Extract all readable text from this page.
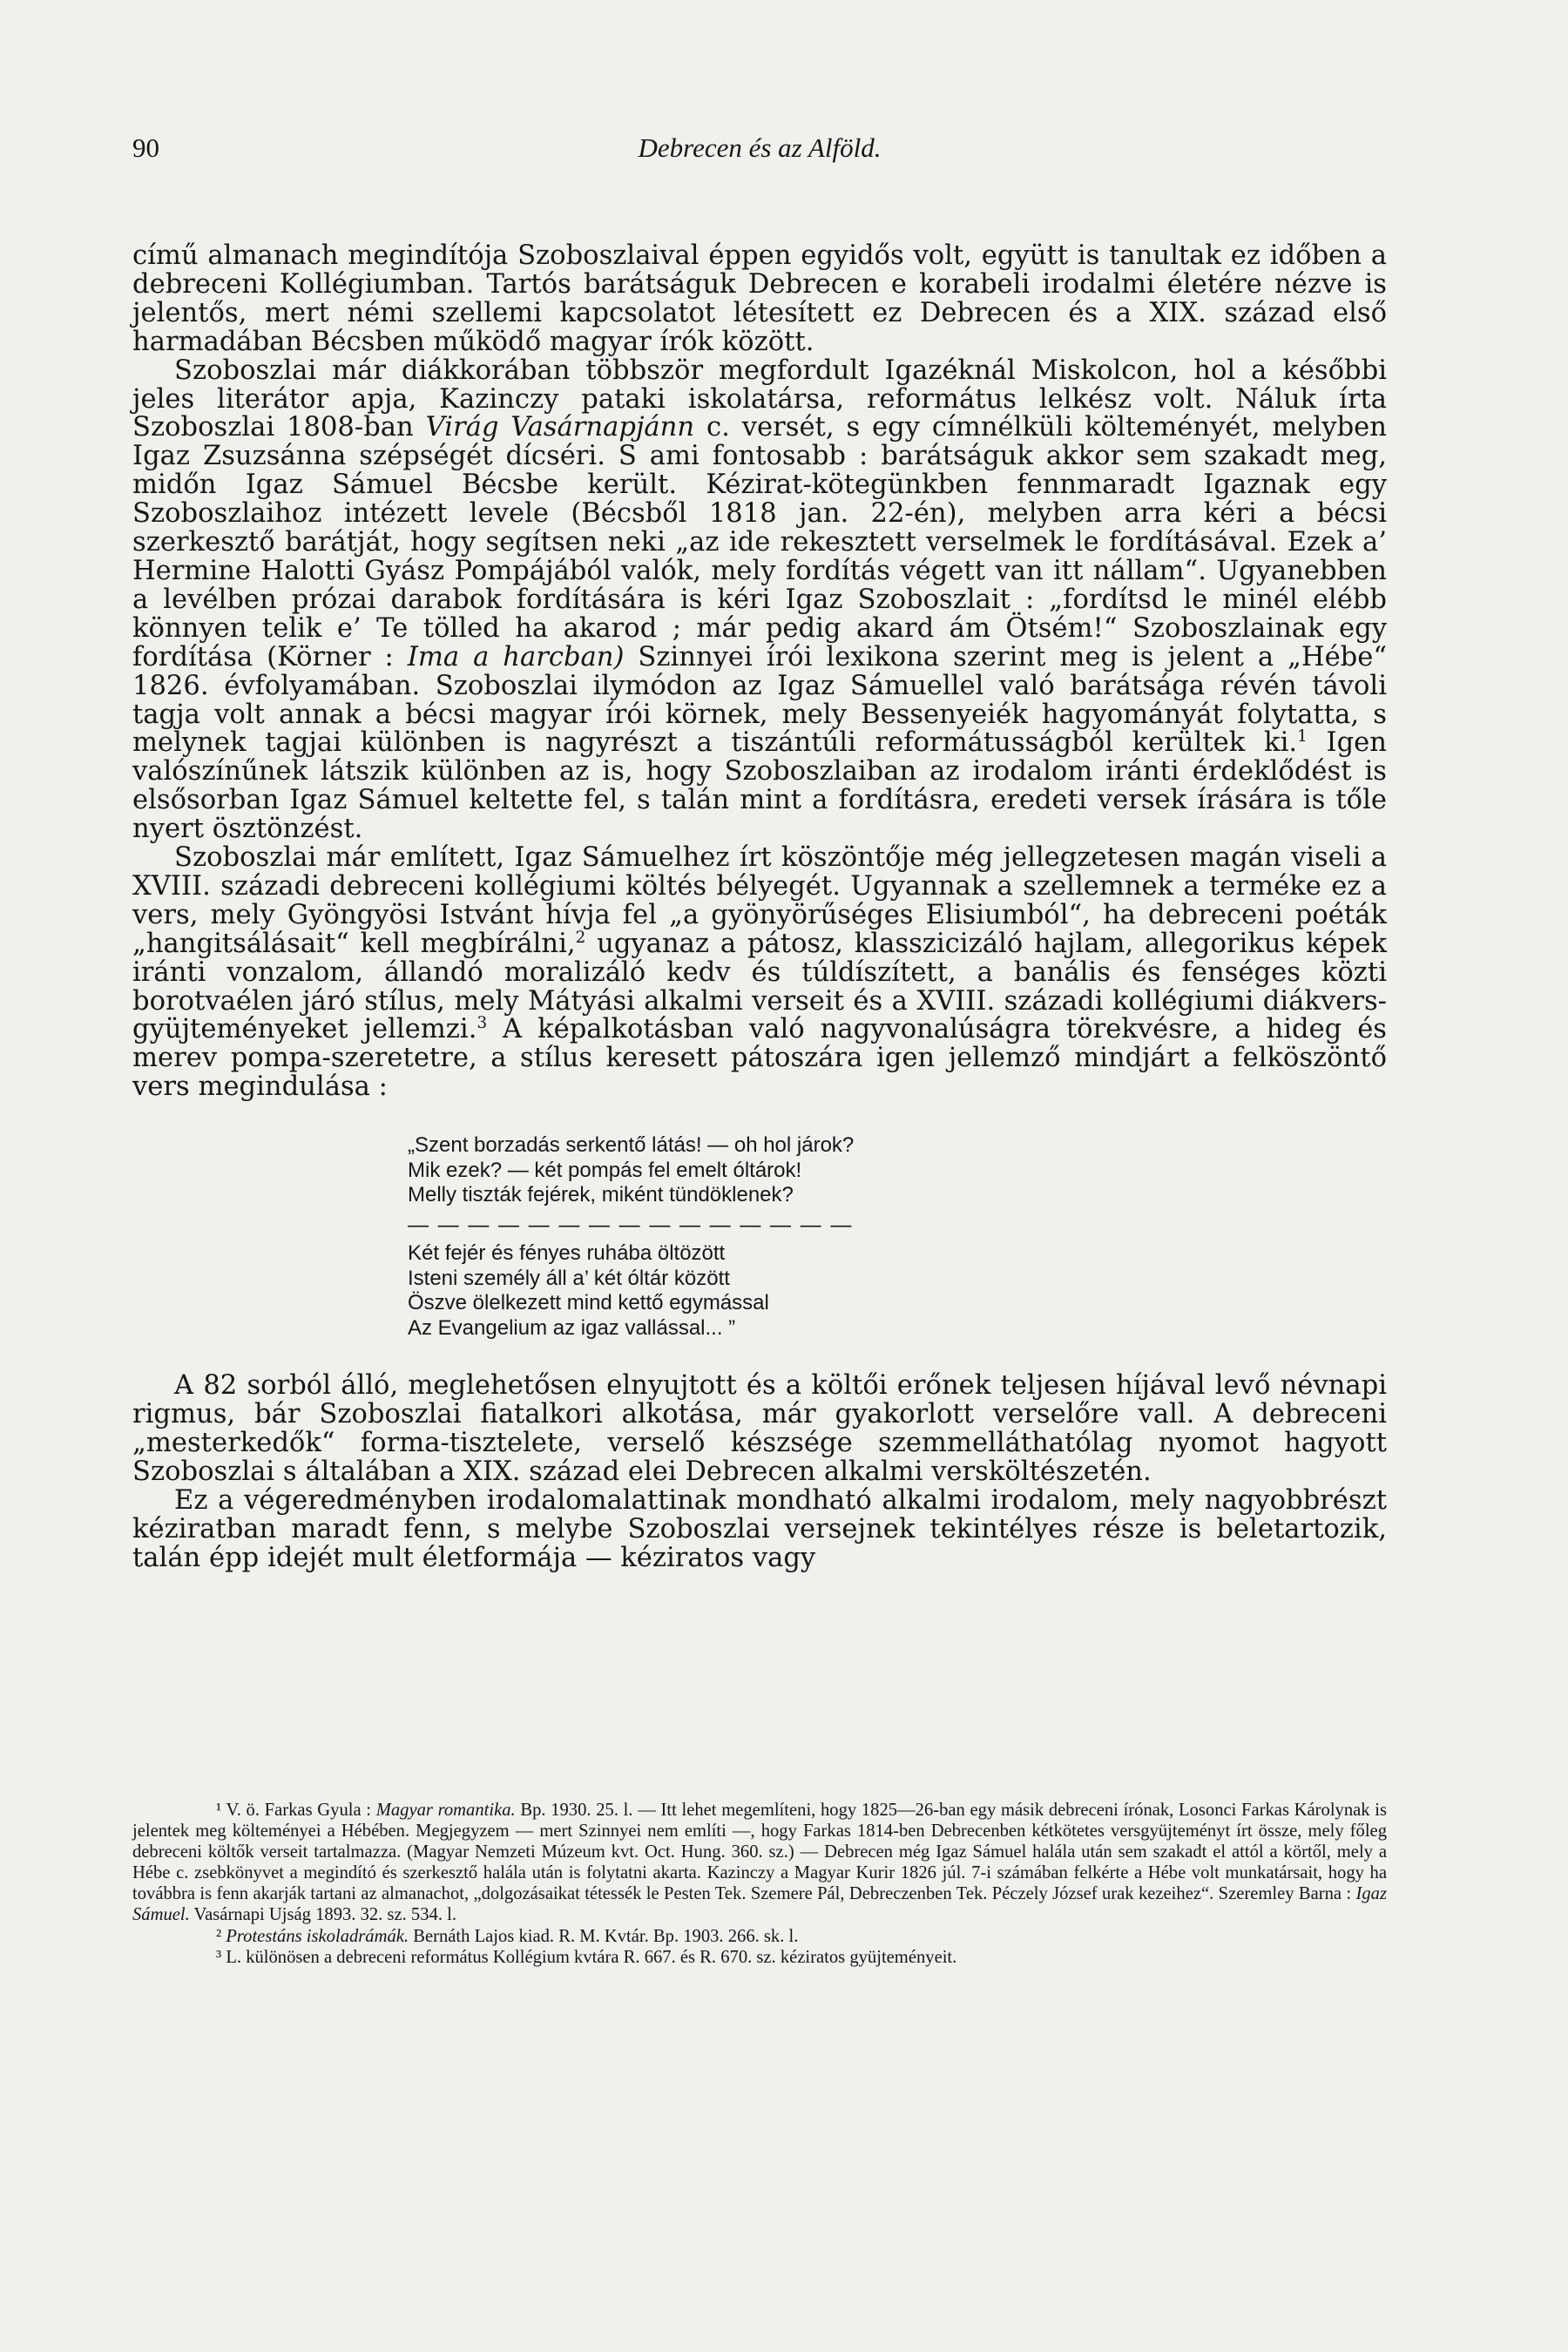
90	Debrecen és az Alföld.

című almanach megindítója Szoboszlaival éppen egyidős volt, együtt is tanultak ez időben a debreceni Kollégiumban. Tartós barátságuk Debrecen e korabeli irodalmi életére nézve is jelentős, mert némi szellemi kapcsolatot létesített ez Debrecen és a XIX. század első harmadában Bécsben működő magyar írók között.

Szoboszlai már diákkorában többször megfordult Igazéknál Miskolcon, hol a későbbi jeles literátor apja, Kazinczy pataki iskolatársa, református lelkész volt. Náluk írta Szoboszlai 1808-ban Virág Vasárnapjánn c. versét, s egy címnélküli költeményét, melyben Igaz Zsuzsánna szépségét dícséri. S ami fontosabb : barátságuk akkor sem szakadt meg, midőn Igaz Sámuel Bécsbe került. Kézirat-kötegünkben fennmaradt Igaznak egy Szoboszlaihoz intézett levele (Bécsből 1818 jan. 22-én), melyben arra kéri a bécsi szerkesztő barátját, hogy segítsen neki „az ide rekesztett verselmek le fordításával. Ezek a’ Hermine Halotti Gyász Pompájából valók, mely fordítás végett van itt nállam“. Ugyanebben a levélben prózai darabok fordítására is kéri Igaz Szoboszlait : „fordítsd le minél elébb könnyen telik e’ Te tölled ha akarod ; már pedig akard ám Ötsém!“ Szoboszlainak egy fordítása (Körner : Ima a harcban) Szinnyei írói lexikona szerint meg is jelent a „Hébe“ 1826. évfolyamában. Szoboszlai ilymódon az Igaz Sámuellel való barátsága révén távoli tagja volt annak a bécsi magyar írói körnek, mely Bessenyeiék hagyományát folytatta, s melynek tagjai különben is nagyrészt a tiszántúli reformátusságból kerültek ki.$^1$ Igen valószínűnek látszik különben az is, hogy Szoboszlaiban az irodalom iránti érdeklődést is elsősorban Igaz Sámuel keltette fel, s talán mint a fordításra, eredeti versek írására is tőle nyert ösztönzést.

Szoboszlai már említett, Igaz Sámuelhez írt köszöntője még jellegzetesen magán viseli a XVIII. századi debreceni kollégiumi költés bélyegét. Ugyannak a szellemnek a terméke ez a vers, mely Gyöngyösi Istvánt hívja fel „a gyönyörűséges Elisiumból“, ha debreceni poéták „hangitsálásait“ kell megbírálni,$^2$ ugyanaz a pátosz, klasszicizáló hajlam, allegorikus képek iránti vonzalom, állandó moralizáló kedv és túldíszített, a banális és fenséges közti borotvaélen járó stílus, mely Mátyási alkalmi verseit és a XVIII. századi kollégiumi diákvers-gyüjteményeket jellemzi.$^3$ A képalkotásban való nagyvonalúságra törekvésre, a hideg és merev pompa-szeretetre, a stílus keresett pátoszára igen jellemző mindjárt a felköszöntő vers megindulása :

„Szent borzadás serkentő látás! — oh hol járok?
Mik ezek? — két pompás fel emelt óltárok!
Melly tiszták fejérek, miként tündöklenek?
— — — — — — — — — — — — — — —
Két fejér és fényes ruhába öltözött
Isteni személy áll a’ két óltár között
Öszve ölelkezett mind kettő egymással
Az Evangelium az igaz vallással... ”

A 82 sorból álló, meglehetősen elnyujtott és a költői erőnek teljesen híjával levő névnapi rigmus, bár Szoboszlai fiatalkori alkotása, már gyakorlott verselőre vall. A debreceni „mesterkedők“ forma-tisztelete, verselő készsége szemmelláthatólag nyomot hagyott Szoboszlai s általában a XIX. század elei Debrecen alkalmi versköltészetén.

Ez a végeredményben irodalomalattinak mondható alkalmi irodalom, mely nagyobbrészt kéziratban maradt fenn, s melybe Szoboszlai versejnek tekintélyes része is beletartozik, talán épp idejét mult életformája — kéziratos vagy

¹ V. ö. Farkas Gyula : Magyar romantika. Bp. 1930. 25. l. — Itt lehet megemlíteni, hogy 1825—26-ban egy másik debreceni írónak, Losonci Farkas Károlynak is jelentek meg költeményei a Hébében. Megjegyzem — mert Szinnyei nem említi —, hogy Farkas 1814-ben Debrecenben kétkötetes versgyüjteményt írt össze, mely főleg debreceni költők verseit tartalmazza. (Magyar Nemzeti Múzeum kvt. Oct. Hung. 360. sz.) — Debrecen még Igaz Sámuel halála után sem szakadt el attól a körtől, mely a Hébe c. zsebkönyvet a megindító és szerkesztő halála után is folytatni akarta. Kazinczy a Magyar Kurir 1826 júl. 7-i számában felkérte a Hébe volt munkatársait, hogy ha továbbra is fenn akarják tartani az almanachot, „dolgozásaikat tétessék le Pesten Tek. Szemere Pál, Debreczenben Tek. Péczely József urak kezeihez“. Szeremley Barna : Igaz Sámuel. Vasárnapi Ujság 1893. 32. sz. 534. l.

² Protestáns iskoladrámák. Bernáth Lajos kiad. R. M. Kvtár. Bp. 1903. 266. sk. l.

³ L. különösen a debreceni református Kollégium kvtára R. 667. és R. 670. sz. kéziratos gyüjteményeit.
